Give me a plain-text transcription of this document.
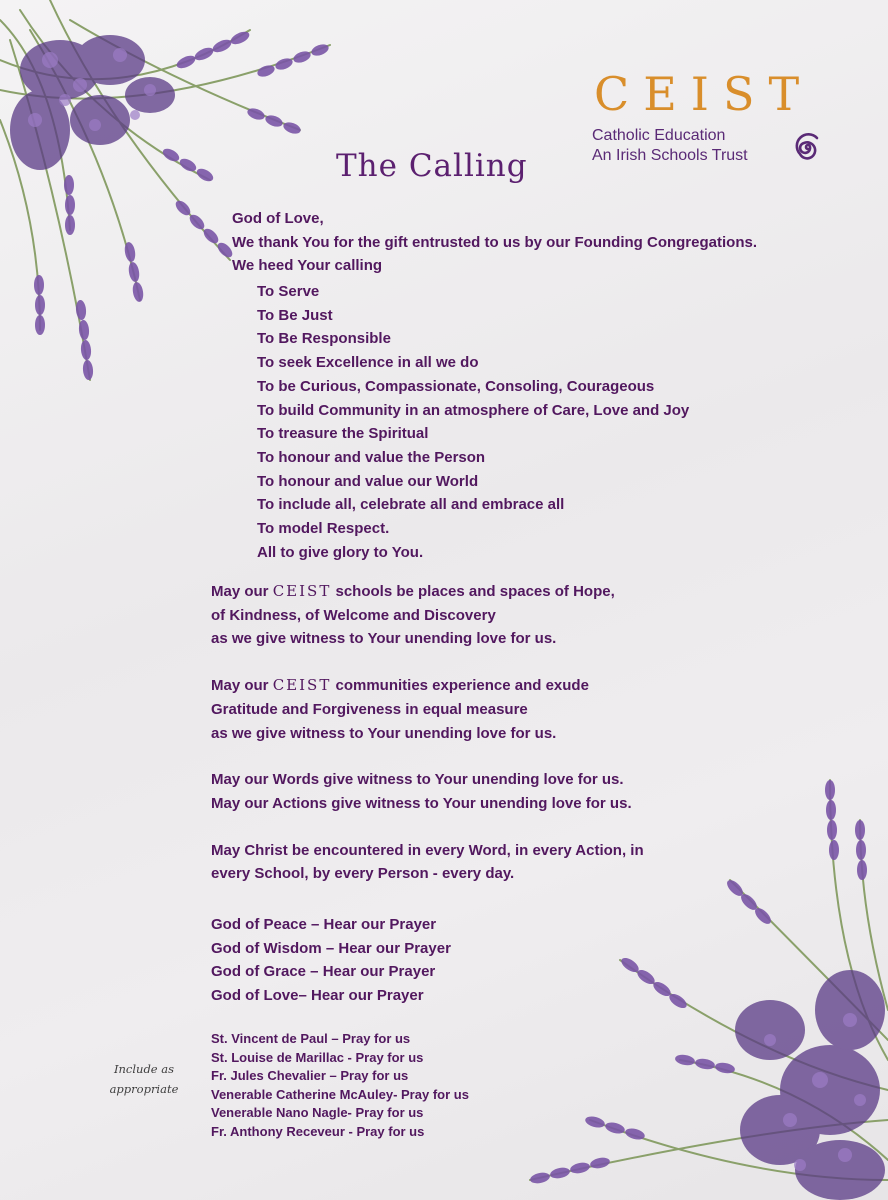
CEIST
Catholic Education
An Irish Schools Trust
The Calling
God of Love,
We thank You for the gift entrusted to us by our Founding Congregations.
We heed Your calling
To Serve
To Be Just
To Be Responsible
To seek Excellence in all we do
To be Curious, Compassionate, Consoling, Courageous
To build Community in an atmosphere of Care, Love and Joy
To treasure the Spiritual
To honour and value the Person
To honour and value our World
To include all, celebrate all and embrace all
To model Respect.
All to give glory to You.
May our CEIST schools be places and spaces of Hope,
of Kindness, of Welcome and Discovery
as we give witness to Your unending love for us.
May our CEIST communities experience and exude
Gratitude and Forgiveness in equal measure
as we give witness to Your unending love for us.
May our Words give witness to Your unending love for us.
May our Actions give witness to Your unending love for us.
May Christ be encountered in every Word, in every Action, in
every School, by every Person - every day.
God of Peace – Hear our Prayer
God of Wisdom – Hear our Prayer
God of Grace – Hear our Prayer
God of Love– Hear our Prayer
St. Vincent de Paul – Pray for us
St. Louise de Marillac - Pray for us
Fr. Jules Chevalier – Pray for us
Venerable Catherine McAuley- Pray for us
Venerable Nano Nagle- Pray for us
Fr. Anthony Receveur - Pray for us
Include as
appropriate
